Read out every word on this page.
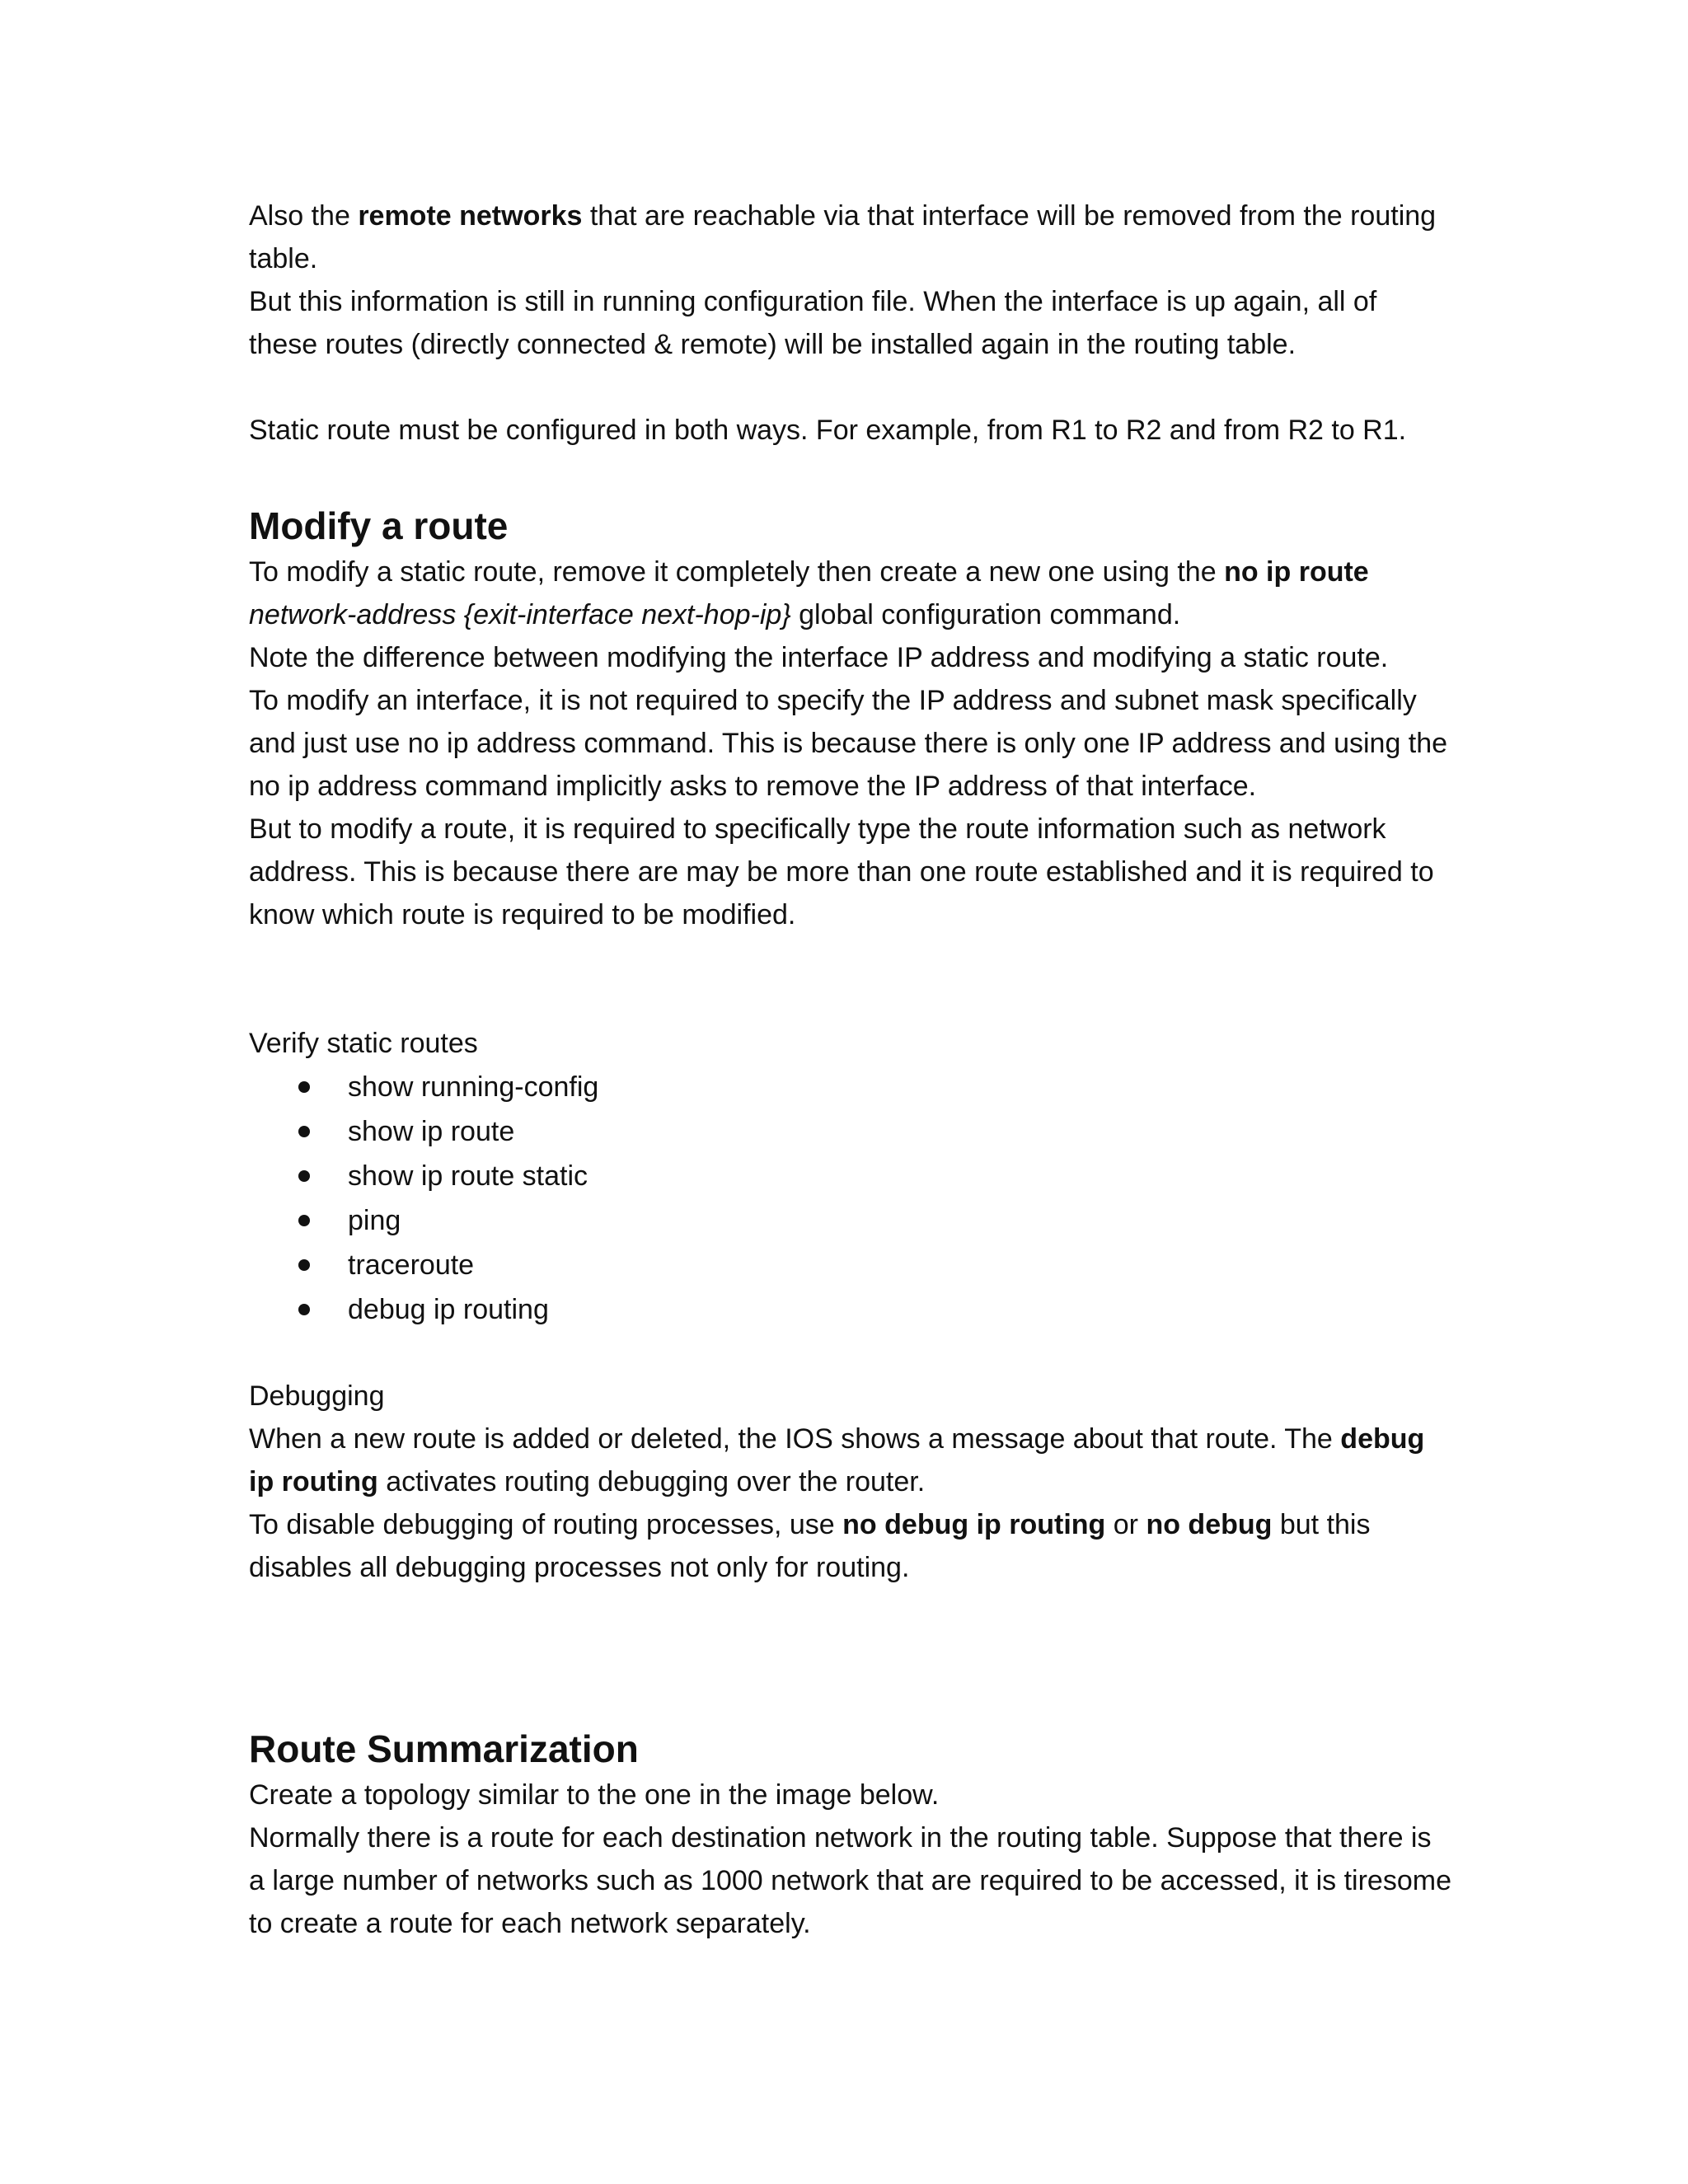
Also the remote networks that are reachable via that interface will be removed from the routing table.

But this information is still in running configuration file. When the interface is up again, all of these routes (directly connected & remote) will be installed again in the routing table.

Static route must be configured in both ways. For example, from R1 to R2 and from R2 to R1.

Modify a route

To modify a static route, remove it completely then create a new one using the no ip route network-address {exit-interface next-hop-ip} global configuration command.

Note the difference between modifying the interface IP address and modifying a static route.

To modify an interface, it is not required to specify the IP address and subnet mask specifically and just use no ip address command. This is because there is only one IP address and using the no ip address command implicitly asks to remove the IP address of that interface.

But to modify a route, it is required to specifically type the route information such as network address. This is because there are may be more than one route established and it is required to know which route is required to be modified.

Verify static routes

show running-config
show ip route
show ip route static
ping
traceroute
debug ip routing

Debugging

When a new route is added or deleted, the IOS shows a message about that route. The debug ip routing activates routing debugging over the router.

To disable debugging of routing processes, use no debug ip routing or no debug but this disables all debugging processes not only for routing.

Route Summarization

Create a topology similar to the one in the image below.

Normally there is a route for each destination network in the routing table. Suppose that there is a large number of networks such as 1000 network that are required to be accessed, it is tiresome to create a route for each network separately.
